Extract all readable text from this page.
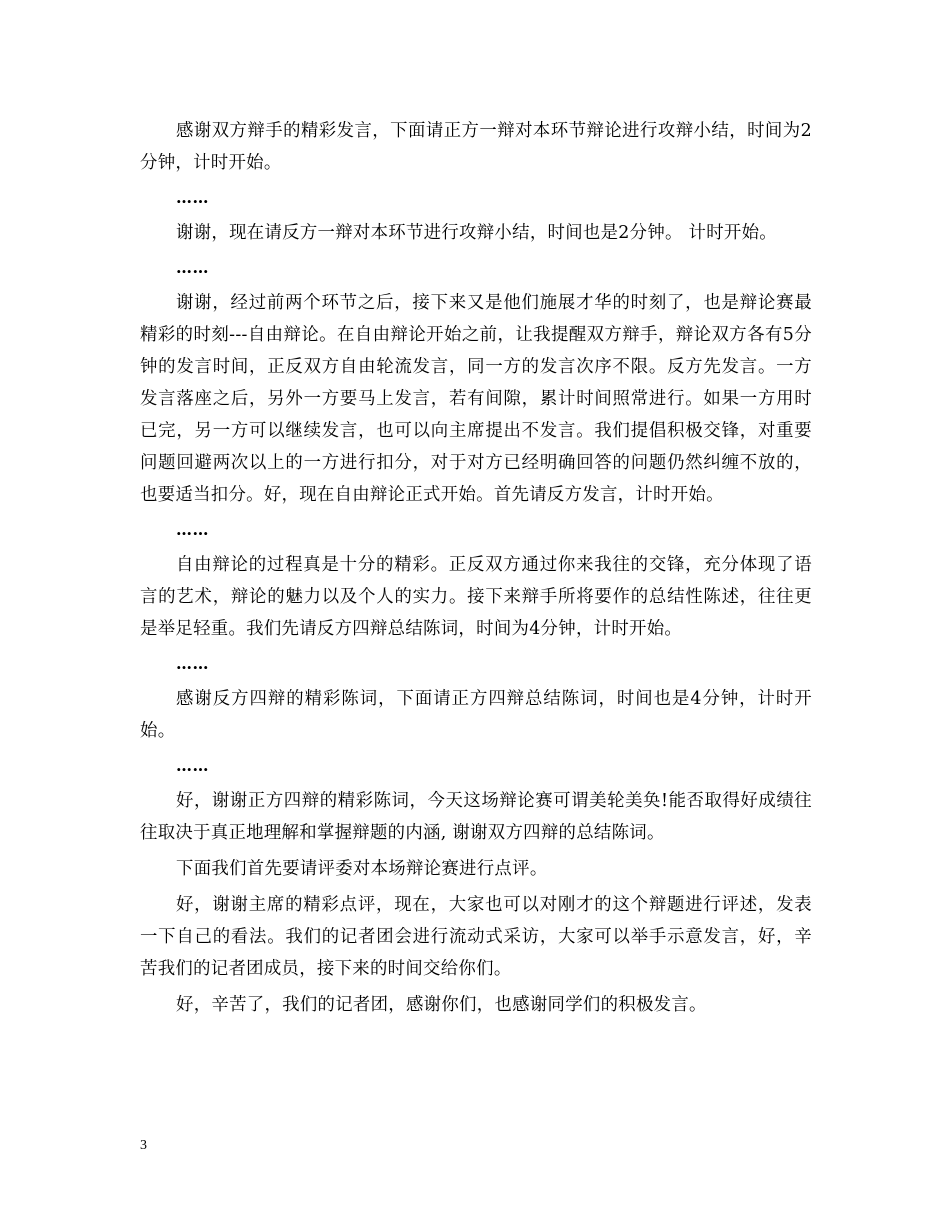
感谢双方辩手的精彩发言，下面请正方一辩对本环节辩论进行攻辩小结，时间为2分钟，计时开始。

……

谢谢，现在请反方一辩对本环节进行攻辩小结，时间也是2分钟。 计时开始。

……

谢谢，经过前两个环节之后，接下来又是他们施展才华的时刻了，也是辩论赛最精彩的时刻---自由辩论。在自由辩论开始之前，让我提醒双方辩手，辩论双方各有5分钟的发言时间，正反双方自由轮流发言，同一方的发言次序不限。反方先发言。一方发言落座之后，另外一方要马上发言，若有间隙，累计时间照常进行。如果一方用时已完，另一方可以继续发言，也可以向主席提出不发言。我们提倡积极交锋，对重要问题回避两次以上的一方进行扣分，对于对方已经明确回答的问题仍然纠缠不放的，也要适当扣分。好，现在自由辩论正式开始。首先请反方发言，计时开始。

……

自由辩论的过程真是十分的精彩。正反双方通过你来我往的交锋，充分体现了语言的艺术，辩论的魅力以及个人的实力。接下来辩手所将要作的总结性陈述，往往更是举足轻重。我们先请反方四辩总结陈词，时间为4分钟，计时开始。

……

感谢反方四辩的精彩陈词，下面请正方四辩总结陈词，时间也是4分钟，计时开始。

……

好，谢谢正方四辩的精彩陈词，今天这场辩论赛可谓美轮美奂!能否取得好成绩往往取决于真正地理解和掌握辩题的内涵, 谢谢双方四辩的总结陈词。

下面我们首先要请评委对本场辩论赛进行点评。

好，谢谢主席的精彩点评，现在，大家也可以对刚才的这个辩题进行评述，发表一下自己的看法。我们的记者团会进行流动式采访，大家可以举手示意发言，好，辛苦我们的记者团成员，接下来的时间交给你们。

好，辛苦了，我们的记者团，感谢你们，也感谢同学们的积极发言。

3
